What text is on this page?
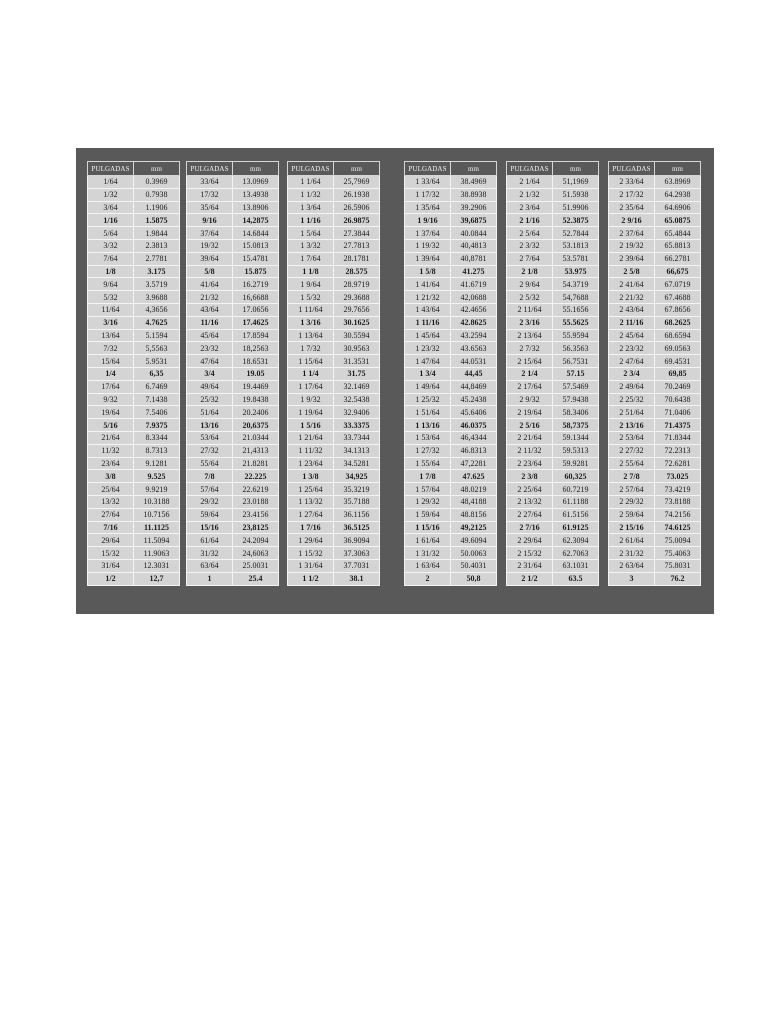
PULGADAS	mm
1/64	0.3969
1/32	0.7938
3/64	1.1906
1/16	1.5875
5/64	1.9844
3/32	2.3813
7/64	2.7781
1/8	3.175
9/64	3.5719
5/32	3.9688
11/64	4,3656
3/16	4.7625
13/64	5.1594
7/32	5,5563
15/64	5.9531
1/4	6,35
17/64	6.7469
9/32	7.1438
19/64	7.5406
5/16	7.9375
21/64	8.3344
11/32	8.7313
23/64	9.1281
3/8	9.525
25/64	9.9219
13/32	10.3188
27/64	10.7156
7/16	11.1125
29/64	11.5094
15/32	11.9063
31/64	12.3031
1/2	12,7
PULGADAS	mm
33/64	13.0969
17/32	13.4938
35/64	13.8906
9/16	14,2875
37/64	14.6844
19/32	15.0813
39/64	15.4781
5/8	15.875
41/64	16.2719
21/32	16,6688
43/64	17.0656
11/16	17.4625
45/64	17.8594
23/32	18,2563
47/64	18.6531
3/4	19.05
49/64	19.4469
25/32	19.8438
51/64	20.2406
13/16	20,6375
53/64	21.0344
27/32	21,4313
55/64	21.8281
7/8	22.225
57/64	22.6219
29/32	23.0188
59/64	23.4156
15/16	23,8125
61/64	24.2094
31/32	24,6063
63/64	25.0031
1	25.4
PULGADAS	mm
1 1/64	25,7969
1 1/32	26.1938
1 3/64	26.5906
1 1/16	26.9875
1 5/64	27.3844
1 3/32	27.7813
1 7/64	28.1781
1 1/8	28.575
1 9/64	28.9719
1 5/32	29.3688
1 11/64	29.7656
1 3/16	30.1625
1 13/64	30.5594
1 7/32	30.9563
1 15/64	31.3531
1 1/4	31.75
1 17/64	32.1469
1 9/32	32.5438
1 19/64	32.9406
1 5/16	33.3375
1 21/64	33.7344
1 11/32	34.1313
1 23/64	34.5281
1 3/8	34,925
1 25/64	35.3219
1 13/32	35.7188
1 27/64	36.1156
1 7/16	36.5125
1 29/64	36.9094
1 15/32	37.3063
1 31/64	37.7031
1 1/2	38.1
PULGADAS	mm
1 33/64	38.4969
1 17/32	38.8938
1 35/64	39.2906
1 9/16	39,6875
1 37/64	40.0844
1 19/32	40,4813
1 39/64	40,8781
1 5/8	41.275
1 41/64	41.6719
1 21/32	42,0688
1 43/64	42.4656
1 11/16	42.8625
1 45/64	43.2594
1 23/32	43.6563
1 47/64	44.0531
1 3/4	44,45
1 49/64	44,8469
1 25/32	45.2438
1 51/64	45.6406
1 13/16	46.0375
1 53/64	46,4344
1 27/32	46.8313
1 55/64	47,2281
1 7/8	47.625
1 57/64	48.0219
1 29/32	48,4188
1 59/64	48.8156
1 15/16	49,2125
1 61/64	49.6094
1 31/32	50.0063
1 63/64	50.4031
2	50,8
PULGADAS	mm
2 1/64	51,1969
2 1/32	51.5938
2 3/64	51.9906
2 1/16	52.3875
2 5/64	52.7844
2 3/32	53.1813
2 7/64	53.5781
2 1/8	53.975
2 9/64	54.3719
2 5/32	54,7688
2 11/64	55.1656
2 3/16	55.5625
2 13/64	55.9594
2 7/32	56.3563
2 15/64	56.7531
2 1/4	57.15
2 17/64	57.5469
2 9/32	57.9438
2 19/64	58.3406
2 5/16	58,7375
2 21/64	59.1344
2 11/32	59.5313
2 23/64	59.9281
2 3/8	60,325
2 25/64	60.7219
2 13/32	61.1188
2 27/64	61.5156
2 7/16	61.9125
2 29/64	62.3094
2 15/32	62.7063
2 31/64	63.1031
2 1/2	63.5
PULGADAS	mm
2 33/64	63.8969
2 17/32	64.2938
2 35/64	64.6906
2 9/16	65.0875
2 37/64	65.4844
2 19/32	65.8813
2 39/64	66.2781
2 5/8	66,675
2 41/64	67.0719
2 21/32	67.4688
2 43/64	67.8656
2 11/16	68.2625
2 45/64	68.6594
2 23/32	69.0563
2 47/64	69.4531
2 3/4	69,85
2 49/64	70.2469
2 25/32	70.6438
2 51/64	71.0406
2 13/16	71.4375
2 53/64	71.8344
2 27/32	72.2313
2 55/64	72.6281
2 7/8	73.025
2 57/64	73.4219
2 29/32	73.8188
2 59/64	74.2156
2 15/16	74.6125
2 61/64	75.0094
2 31/32	75.4063
2 63/64	75.8031
3	76.2
